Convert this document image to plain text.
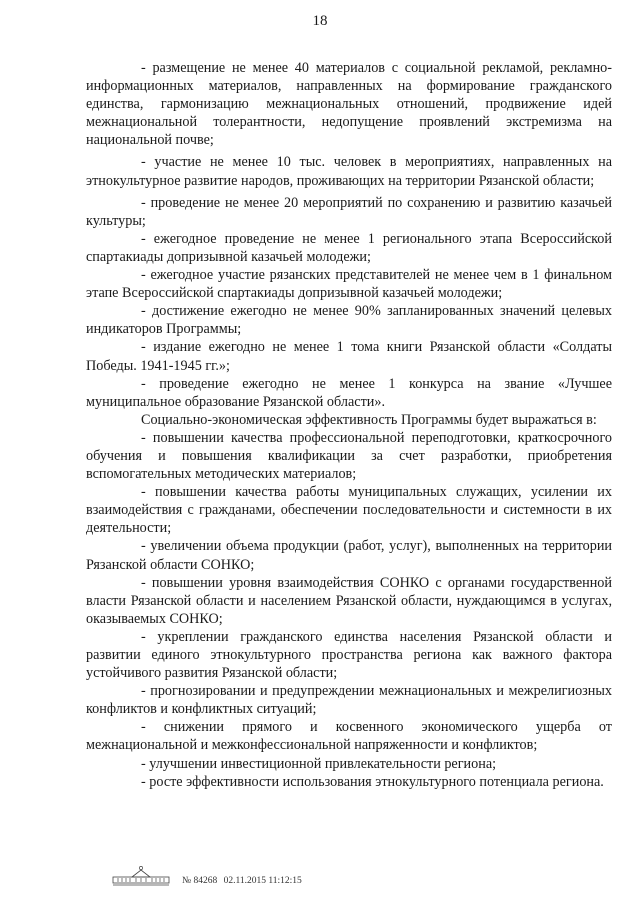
18

- размещение не менее 40 материалов с социальной рекламой, рекламно-информационных материалов, направленных на формирование гражданского единства, гармонизацию межнациональных отношений, продвижение идей межнациональной толерантности, недопущение проявлений экстремизма на национальной почве;

- участие не менее 10 тыс. человек в мероприятиях, направленных на этнокультурное развитие народов, проживающих на территории Рязанской области;

- проведение не менее 20 мероприятий по сохранению и развитию казачьей культуры;

- ежегодное проведение не менее 1 регионального этапа Всероссийской спартакиады допризывной казачьей молодежи;

- ежегодное участие рязанских представителей не менее чем в 1 финальном этапе Всероссийской спартакиады допризывной казачьей молодежи;

- достижение ежегодно не менее 90% запланированных значений целевых индикаторов Программы;

- издание ежегодно не менее 1 тома книги Рязанской области «Солдаты Победы. 1941-1945 гг.»;

- проведение ежегодно не менее 1 конкурса на звание «Лучшее муниципальное образование Рязанской области».

Социально-экономическая эффективность Программы будет выражаться в:

- повышении качества профессиональной переподготовки, краткосрочного обучения и повышения квалификации за счет разработки, приобретения вспомогательных методических материалов;

- повышении качества работы муниципальных служащих, усилении их взаимодействия с гражданами, обеспечении последовательности и системности в их деятельности;

- увеличении объема продукции (работ, услуг), выполненных на территории Рязанской области СОНКО;

- повышении уровня взаимодействия СОНКО с органами государственной власти Рязанской области и населением Рязанской области, нуждающимся в услугах, оказываемых СОНКО;

- укреплении гражданского единства населения Рязанской области и развитии единого этнокультурного пространства региона как важного фактора устойчивого развития Рязанской области;

- прогнозировании и предупреждении межнациональных и межрелигиозных конфликтов и конфликтных ситуаций;

- снижении прямого и косвенного экономического ущерба от межнациональной и межконфессиональной напряженности и конфликтов;

- улучшении инвестиционной привлекательности региона;

- росте эффективности использования этнокультурного потенциала региона.

№ 84268 02.11.2015 11:12:15
